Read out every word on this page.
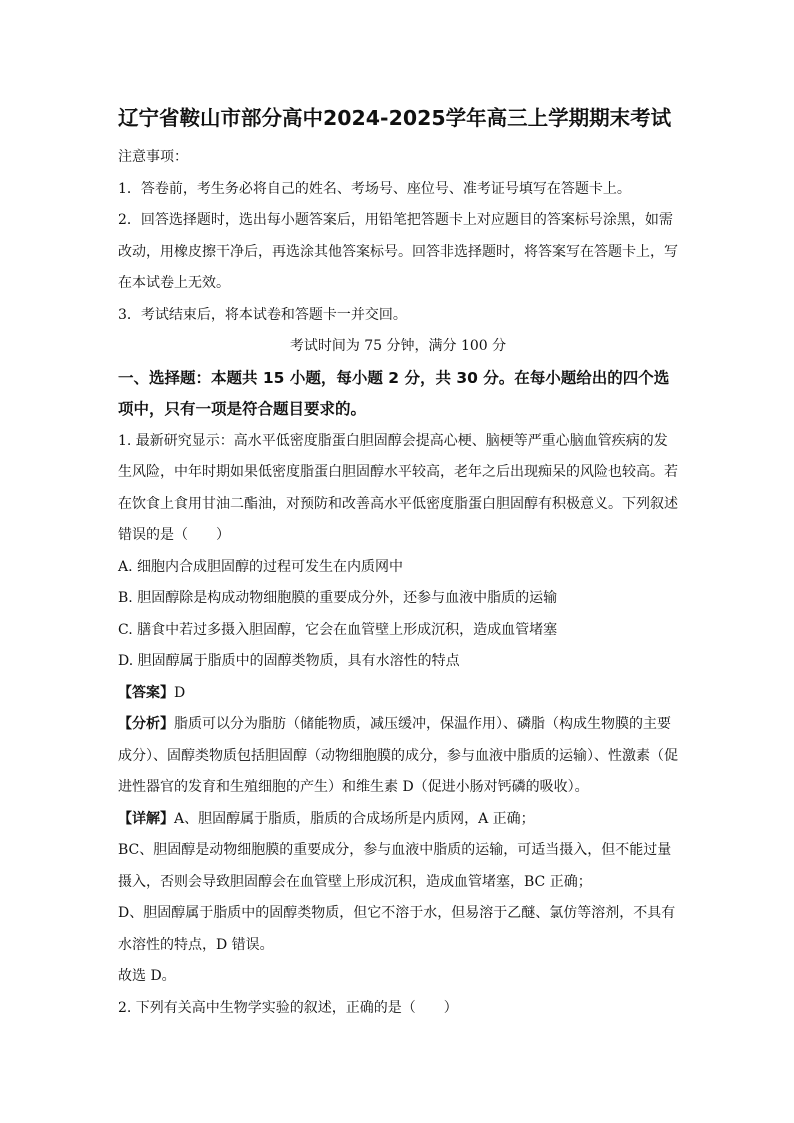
辽宁省鞍山市部分高中2024-2025学年高三上学期期末考试

注意事项：

1．答卷前，考生务必将自己的姓名、考场号、座位号、准考证号填写在答题卡上。

2．回答选择题时，选出每小题答案后，用铅笔把答题卡上对应题目的答案标号涂黑，如需改动，用橡皮擦干净后，再选涂其他答案标号。回答非选择题时，将答案写在答题卡上，写在本试卷上无效。

3．考试结束后，将本试卷和答题卡一并交回。

考试时间为 75 分钟，满分 100 分

一、选择题：本题共 15 小题，每小题 2 分，共 30 分。在每小题给出的四个选项中，只有一项是符合题目要求的。

1. 最新研究显示：高水平低密度脂蛋白胆固醇会提高心梗、脑梗等严重心脑血管疾病的发生风险，中年时期如果低密度脂蛋白胆固醇水平较高，老年之后出现痴呆的风险也较高。若在饮食上食用甘油二酯油，对预防和改善高水平低密度脂蛋白胆固醇有积极意义。下列叙述错误的是（　　）

A. 细胞内合成胆固醇的过程可发生在内质网中

B. 胆固醇除是构成动物细胞膜的重要成分外，还参与血液中脂质的运输

C. 膳食中若过多摄入胆固醇，它会在血管壁上形成沉积，造成血管堵塞

D. 胆固醇属于脂质中的固醇类物质，具有水溶性的特点

【答案】D

【分析】脂质可以分为脂肪（储能物质，减压缓冲，保温作用）、磷脂（构成生物膜的主要成分）、固醇类物质包括胆固醇（动物细胞膜的成分，参与血液中脂质的运输）、性激素（促进性器官的发育和生殖细胞的产生）和维生素 D（促进小肠对钙磷的吸收）。

【详解】A、胆固醇属于脂质，脂质的合成场所是内质网，A 正确；

BC、胆固醇是动物细胞膜的重要成分，参与血液中脂质的运输，可适当摄入，但不能过量摄入，否则会导致胆固醇会在血管壁上形成沉积，造成血管堵塞，BC 正确；

D、胆固醇属于脂质中的固醇类物质，但它不溶于水，但易溶于乙醚、氯仿等溶剂，不具有水溶性的特点，D 错误。

故选 D。

2. 下列有关高中生物学实验的叙述，正确的是（　　）
